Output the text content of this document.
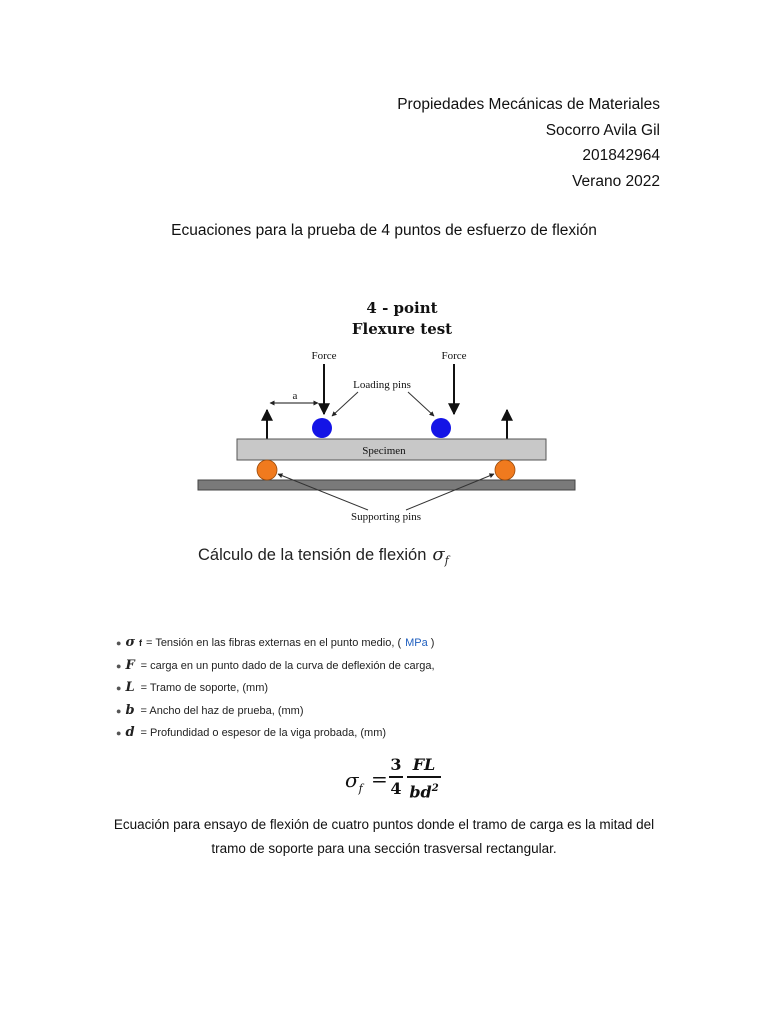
Propiedades Mecánicas de Materiales
Socorro Avila Gil
201842964
Verano 2022
Ecuaciones para la prueba de 4 puntos de esfuerzo de flexión
4 - point
Flexure test
Force	Force
Loading pins
a
Specimen
Supporting pins
Cálculo de la tensión de flexión $\sigma_f$
● σ f = Tensión en las fibras externas en el punto medio, ( MPa )
● F = carga en un punto dado de la curva de deflexión de carga,
● L = Tramo de soporte, (mm)
● b = Ancho del haz de prueba, (mm)
● d = Profundidad o espesor de la viga probada, (mm)
$\sigma_f$ =
3
4
FL
$bd^2$
Ecuación para ensayo de flexión de cuatro puntos donde el tramo de carga es la mitad del tramo de soporte para una sección trasversal rectangular.
